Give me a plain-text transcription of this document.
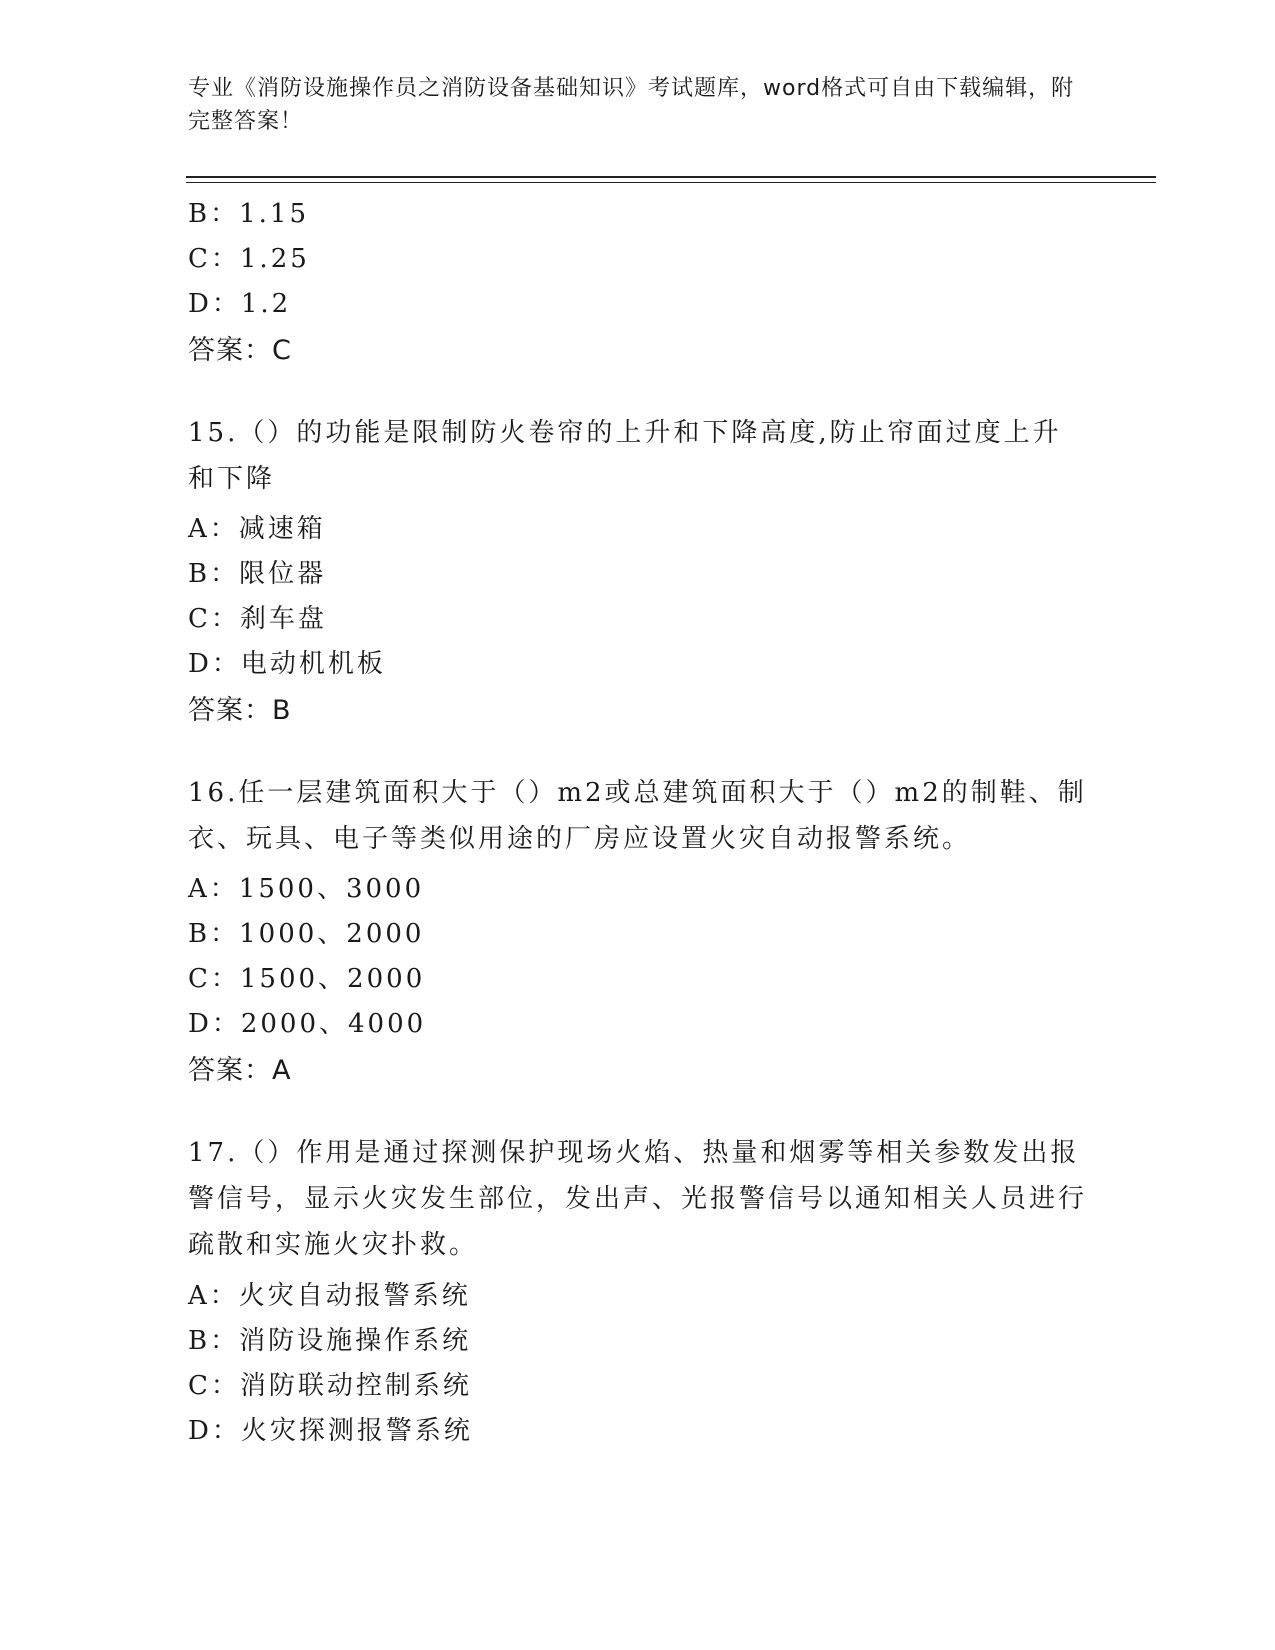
专业《消防设施操作员之消防设备基础知识》考试题库，word格式可自由下载编辑，附完整答案！
B：1.15
C：1.25
D：1.2
答案：C
15.（）的功能是限制防火卷帘的上升和下降高度,防止帘面过度上升和下降
A：减速箱
B：限位器
C：刹车盘
D：电动机机板
答案：B
16.任一层建筑面积大于（）m2或总建筑面积大于（）m2的制鞋、制衣、玩具、电子等类似用途的厂房应设置火灾自动报警系统。
A：1500、3000
B：1000、2000
C：1500、2000
D：2000、4000
答案：A
17.（）作用是通过探测保护现场火焰、热量和烟雾等相关参数发出报警信号，显示火灾发生部位，发出声、光报警信号以通知相关人员进行疏散和实施火灾扑救。
A：火灾自动报警系统
B：消防设施操作系统
C：消防联动控制系统
D：火灾探测报警系统
